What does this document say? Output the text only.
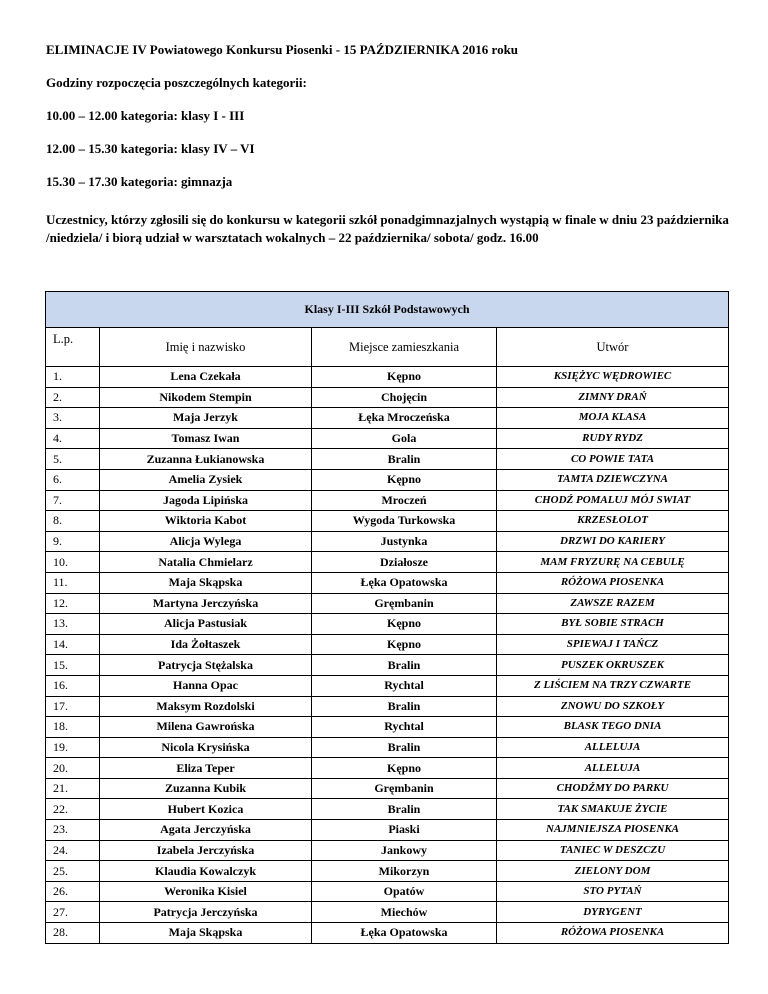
ELIMINACJE IV Powiatowego Konkursu Piosenki - 15 PAŹDZIERNIKA 2016 roku

Godziny rozpoczęcia poszczególnych kategorii:

10.00 – 12.00 kategoria: klasy I - III

12.00 – 15.30 kategoria: klasy IV – VI

15.30 – 17.30 kategoria: gimnazja

Uczestnicy, którzy zgłosili się do konkursu w kategorii szkół ponadgimnazjalnych wystąpią w finale w dniu 23 października /niedziela/ i biorą udział w warsztatach wokalnych – 22 października/ sobota/ godz. 16.00

Klasy I-III Szkół Podstawowych			
L.p.	Imię i nazwisko	Miejsce zamieszkania	Utwór
1.	Lena Czekała	Kępno	KSIĘŻYC WĘDROWIEC
2.	Nikodem Stempin	Chojęcin	ZIMNY DRAŃ
3.	Maja Jerzyk	Łęka Mroczeńska	MOJA KLASA
4.	Tomasz Iwan	Gola	RUDY RYDZ
5.	Zuzanna Łukianowska	Bralin	CO POWIE TATA
6.	Amelia Zysiek	Kępno	TAMTA DZIEWCZYNA
7.	Jagoda Lipińska	Mroczeń	CHODŹ POMALUJ MÓJ SWIAT
8.	Wiktoria Kabot	Wygoda Turkowska	KRZESŁOLOT
9.	Alicja Wylega	Justynka	DRZWI DO KARIERY
10.	Natalia Chmielarz	Działosze	MAM FRYZURĘ NA CEBULĘ
11.	Maja Skąpska	Łęka Opatowska	RÓŻOWA PIOSENKA
12.	Martyna Jerczyńska	Gręmbanin	ZAWSZE RAZEM
13.	Alicja Pastusiak	Kępno	BYŁ SOBIE STRACH
14.	Ida Żołtaszek	Kępno	SPIEWAJ I TAŃCZ
15.	Patrycja Stężalska	Bralin	PUSZEK OKRUSZEK
16.	Hanna Opac	Rychtal	Z LIŚCIEM NA TRZY CZWARTE
17.	Maksym Rozdolski	Bralin	ZNOWU DO SZKOŁY
18.	Milena Gawrońska	Rychtal	BLASK TEGO DNIA
19.	Nicola Krysińska	Bralin	ALLELUJA
20.	Eliza Teper	Kępno	ALLELUJA
21.	Zuzanna Kubik	Gręmbanin	CHODŹMY DO PARKU
22.	Hubert Kozica	Bralin	TAK SMAKUJE ŻYCIE
23.	Agata Jerczyńska	Piaski	NAJMNIEJSZA PIOSENKA
24.	Izabela Jerczyńska	Jankowy	TANIEC W DESZCZU
25.	Klaudia Kowalczyk	Mikorzyn	ZIELONY DOM
26.	Weronika Kisiel	Opatów	STO PYTAŃ
27.	Patrycja Jerczyńska	Miechów	DYRYGENT
28.	Maja Skąpska	Łęka Opatowska	RÓŻOWA PIOSENKA
